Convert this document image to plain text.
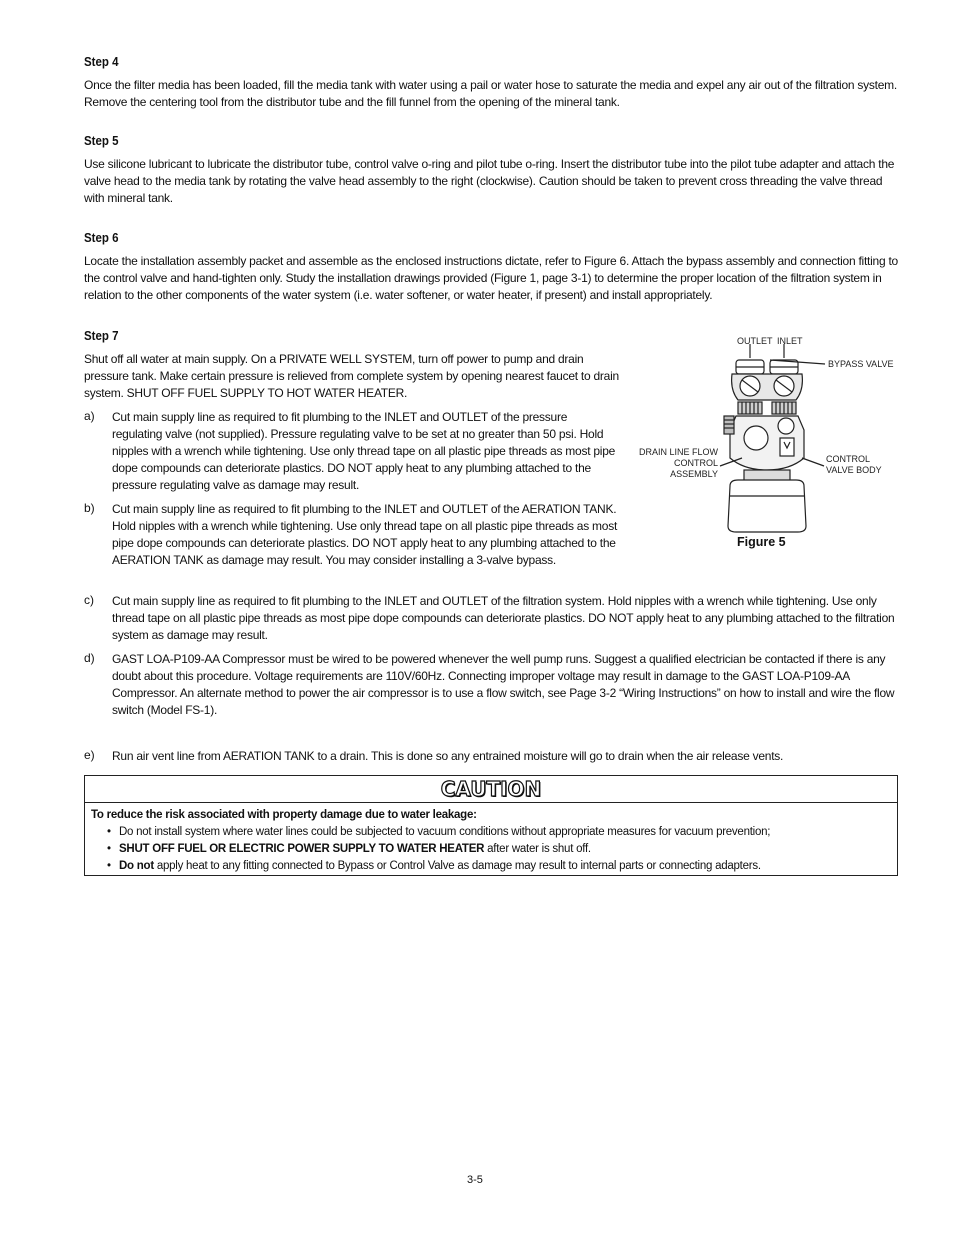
Step 4

Once the filter media has been loaded, fill the media tank with water using a pail or water hose to saturate the media and expel any air out of the filtration system. Remove the centering tool from the distributor tube and the fill funnel from the opening of the mineral tank.

Step 5

Use silicone lubricant to lubricate the distributor tube, control valve o-ring and pilot tube o-ring. Insert the distributor tube into the pilot tube adapter and attach the valve head to the media tank by rotating the valve head assembly to the right (clockwise). Caution should be taken to prevent cross threading the valve thread with mineral tank.

Step 6

Locate the installation assembly packet and assemble as the enclosed instructions dictate, refer to Figure 6. Attach the bypass assembly and connection fitting to the control valve and hand-tighten only. Study the installation drawings provided (Figure 1, page 3-1) to determine the proper location of the filtration system in relation to the other components of the water system (i.e. water softener, or water heater, if present) and install appropriately.

Step 7

Shut off all water at main supply. On a PRIVATE WELL SYSTEM, turn off power to pump and drain pressure tank. Make certain pressure is relieved from complete system by opening nearest faucet to drain system. SHUT OFF FUEL SUPPLY TO HOT WATER HEATER.

a)	Cut main supply line as required to fit plumbing to the INLET and OUTLET of the pressure regulating valve (not supplied). Pressure regulating valve to be set at no greater than 50 psi. Hold nipples with a wrench while tightening. Use only thread tape on all plastic pipe threads as most pipe dope compounds can deteriorate plastics. DO NOT apply heat to any plumbing attached to the pressure regulating valve as damage may result.
b)	Cut main supply line as required to fit plumbing to the INLET and OUTLET of the AERATION TANK. Hold nipples with a wrench while tightening. Use only thread tape on all plastic pipe threads as most pipe dope compounds can deteriorate plastics. DO NOT apply heat to any plumbing attached to the AERATION TANK as damage may result. You may consider installing a 3-valve bypass.
c)	Cut main supply line as required to fit plumbing to the INLET and OUTLET of the filtration system. Hold nipples with a wrench while tightening. Use only thread tape on all plastic pipe threads as most pipe dope compounds can deteriorate plastics. DO NOT apply heat to any plumbing attached to the filtration system as damage may result.
d)	GAST LOA-P109-AA Compressor must be wired to be powered whenever the well pump runs. Suggest a qualified electrician be contacted if there is any doubt about this procedure. Voltage requirements are 110V/60Hz. Connecting improper voltage may result in damage to the GAST LOA-P109-AA Compressor. An alternate method to power the air compressor is to use a flow switch, see Page 3-2 “Wiring Instructions” on how to install and wire the flow switch (Model FS-1).
e)	Run air vent line from AERATION TANK to a drain. This is done so any entrained moisture will go to drain when the air release vents.
CAUTION
To reduce the risk associated with property damage due to water leakage:
• Do not install system where water lines could be subjected to vacuum conditions without appropriate measures for vacuum prevention;
• SHUT OFF FUEL OR ELECTRIC POWER SUPPLY TO WATER HEATER after water is shut off.
• Do not apply heat to any fitting connected to Bypass or Control Valve as damage may result to internal parts or connecting adapters.
OUTLET INLET
BYPASS VALVE
DRAIN LINE FLOW
CONTROL
ASSEMBLY
CONTROL
VALVE BODY
Figure 5
3-5
